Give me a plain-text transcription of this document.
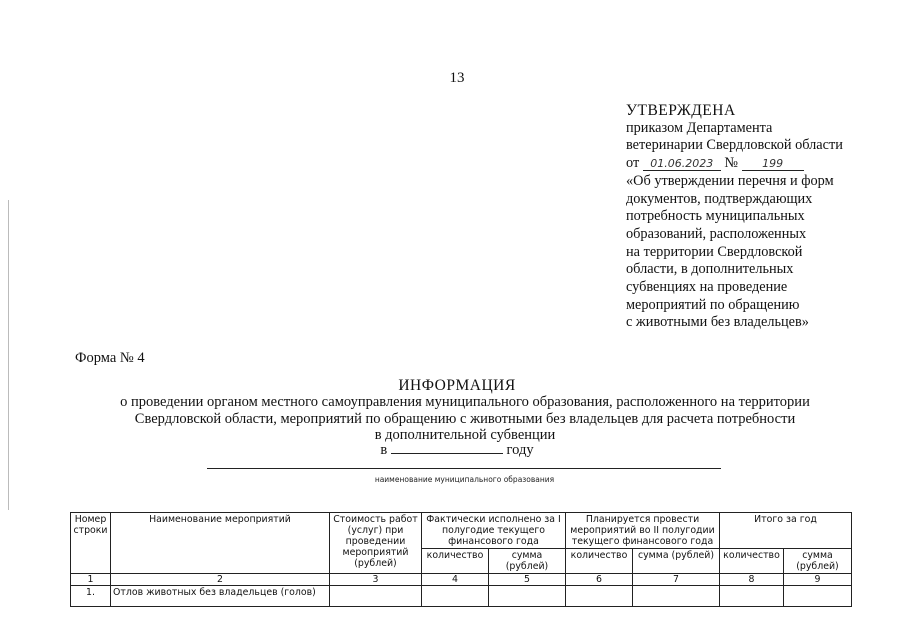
13
УТВЕРЖДЕНА
приказом Департамента
ветеринарии Свердловской области
от 01.06.2023 № 199
«Об утверждении перечня и форм
документов, подтверждающих
потребность муниципальных
образований, расположенных
на территории Свердловской
области, в дополнительных
субвенциях на проведение
мероприятий по обращению
с животными без владельцев»
Форма № 4
ИНФОРМАЦИЯ
о проведении органом местного самоуправления муниципального образования, расположенного на территории
Свердловской области, мероприятий по обращению с животными без владельцев для расчета потребности
в дополнительной субвенции
в	году
наименование муниципального образования
Номер строки	Наименование мероприятий	Стоимость работ (услуг) при проведении мероприятий (рублей)	Фактически исполнено за I полугодие текущего финансового года		Планируется провести мероприятий во II полугодии текущего финансового года		Итого за год	
			количество	сумма (рублей)	количество	сумма (рублей)	количество	сумма (рублей)
1	2	3	4	5	6	7	8	9
1.	Отлов животных без владельцев (голов)							
